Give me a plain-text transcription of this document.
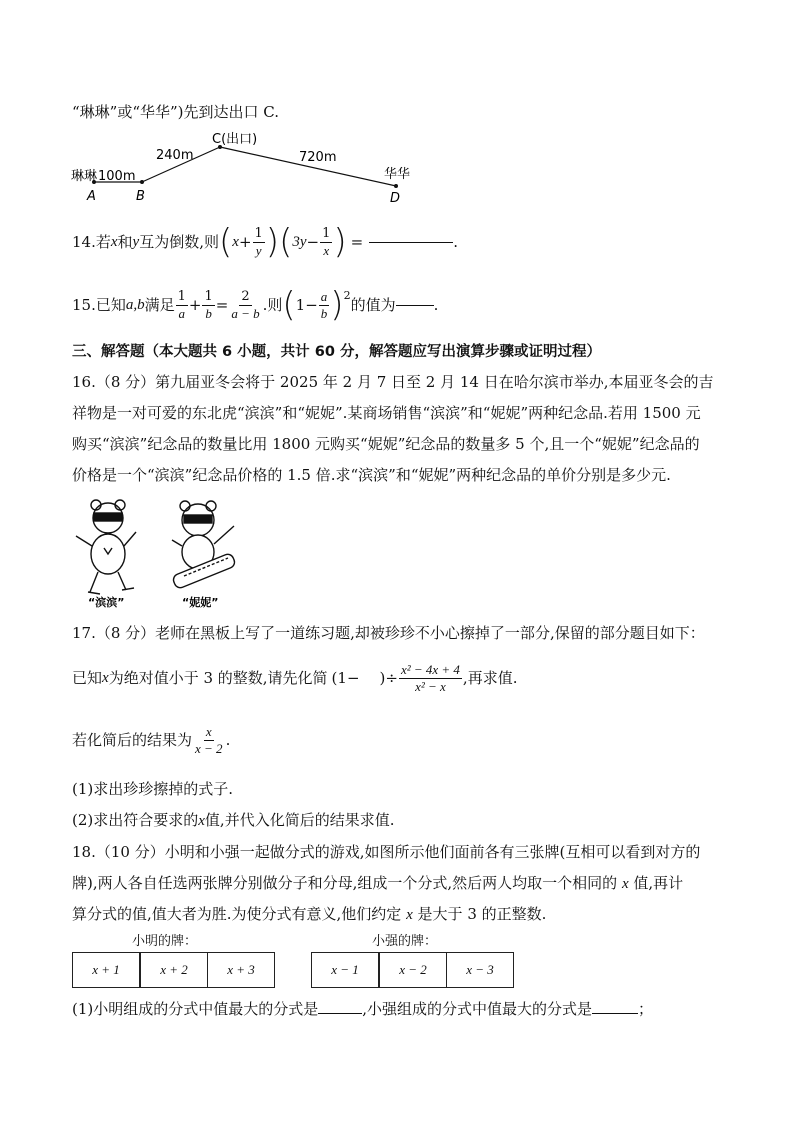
“琳琳”或“华华”)先到达出口 C.
琳琳 100m
240m
C(出口)
720m
华华
A	B	D
14.若 x 和 y 互为倒数,则 ( $x + \frac{1}{y}$ ) ( $3y - \frac{1}{x}$ ) =	.
15.已知 a,b 满足 $\frac{1}{a} + \frac{1}{b} = \frac{2}{a - b}$ .则 ( $1- \frac{a}{b} )^2$
的值为	.
三、解答题（本大题共 6 小题，共计 60 分，解答题应写出演算步骤或证明过程）
16.（8 分）第九届亚冬会将于 2025 年 2 月 7 日至 2 月 14 日在哈尔滨市举办,本届亚冬会的吉
祥物是一对可爱的东北虎“滨滨”和“妮妮”.某商场销售“滨滨”和“妮妮”两种纪念品.若用 1500 元
购买“滨滨”纪念品的数量比用 1800 元购买“妮妮”纪念品的数量多 5 个,且一个“妮妮”纪念品的
价格是一个“滨滨”纪念品价格的 1.5 倍.求“滨滨”和“妮妮”两种纪念品的单价分别是多少元.
“滨滨”	“妮妮”
17.（8 分）老师在黑板上写了一道练习题,却被珍珍不小心擦掉了一部分,保留的部分题目如下：
已知 x 为绝对值小于 3 的整数,请先化简 (1− )÷ $\frac{\text{x² − 4x + 4}}{\text{x² − x}}$ ,再求值.
若化简后的结果为 $\frac{x}{x - 2}$ .
(1)求出珍珍擦掉的式子.
(2)求出符合要求的x值,并代入化简后的结果求值.
18.（10 分）小明和小强一起做分式的游戏,如图所示他们面前各有三张牌(互相可以看到对方的
牌),两人各自任选两张牌分别做分子和分母,组成一个分式,然后两人均取一个相同的 x 值,再计
算分式的值,值大者为胜.为使分式有意义,他们约定 x 是大于 3 的正整数.
小明的牌：	小强的牌：
x + 1	x + 2	x + 3	x − 1	x − 2	x − 3
(1)小明组成的分式中值最大的分式是	,小强组成的分式中值最大的分式是	；
